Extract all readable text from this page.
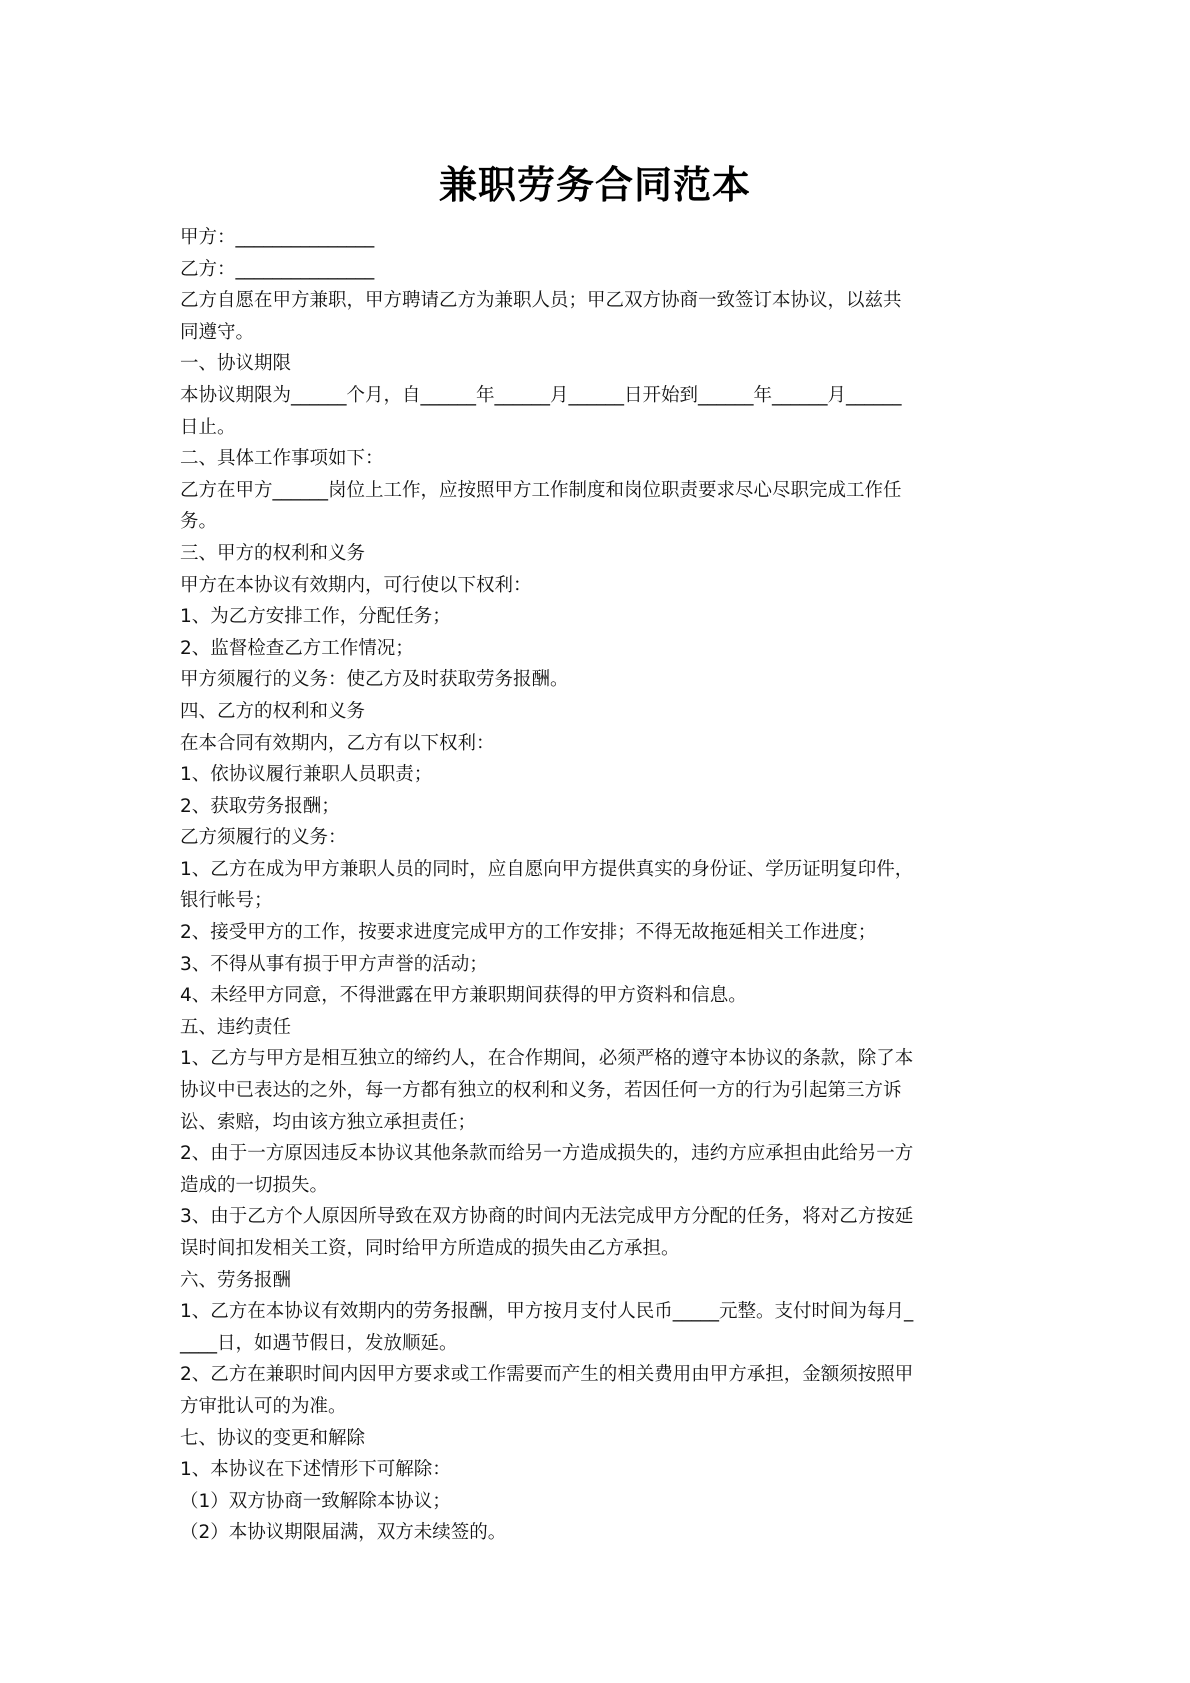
兼职劳务合同范本
甲方：_______________
乙方：_______________
乙方自愿在甲方兼职，甲方聘请乙方为兼职人员；甲乙双方协商一致签订本协议，以兹共
同遵守。
一、协议期限
本协议期限为______个月，自______年______月______日开始到______年______月______
日止。
二、具体工作事项如下：
乙方在甲方______岗位上工作，应按照甲方工作制度和岗位职责要求尽心尽职完成工作任
务。
三、甲方的权利和义务
甲方在本协议有效期内，可行使以下权利：
1、为乙方安排工作，分配任务；
2、监督检查乙方工作情况；
甲方须履行的义务：使乙方及时获取劳务报酬。
四、乙方的权利和义务
在本合同有效期内，乙方有以下权利：
1、依协议履行兼职人员职责；
2、获取劳务报酬；
乙方须履行的义务：
1、乙方在成为甲方兼职人员的同时，应自愿向甲方提供真实的身份证、学历证明复印件，
银行帐号；
2、接受甲方的工作，按要求进度完成甲方的工作安排；不得无故拖延相关工作进度；
3、不得从事有损于甲方声誉的活动；
4、未经甲方同意，不得泄露在甲方兼职期间获得的甲方资料和信息。
五、违约责任
1、乙方与甲方是相互独立的缔约人，在合作期间，必须严格的遵守本协议的条款，除了本
协议中已表达的之外，每一方都有独立的权利和义务，若因任何一方的行为引起第三方诉
讼、索赔，均由该方独立承担责任；
2、由于一方原因违反本协议其他条款而给另一方造成损失的，违约方应承担由此给另一方
造成的一切损失。
3、由于乙方个人原因所导致在双方协商的时间内无法完成甲方分配的任务，将对乙方按延
误时间扣发相关工资，同时给甲方所造成的损失由乙方承担。
六、劳务报酬
1、乙方在本协议有效期内的劳务报酬，甲方按月支付人民币_____元整。支付时间为每月_
____日，如遇节假日，发放顺延。
2、乙方在兼职时间内因甲方要求或工作需要而产生的相关费用由甲方承担，金额须按照甲
方审批认可的为准。
七、协议的变更和解除
1、本协议在下述情形下可解除：
（1）双方协商一致解除本协议；
（2）本协议期限届满，双方未续签的。
